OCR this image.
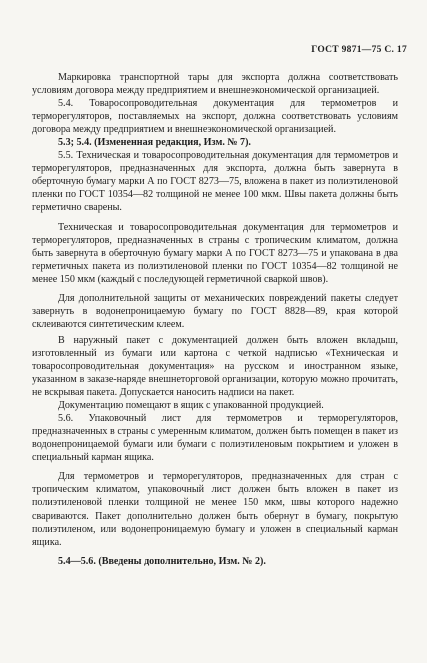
ГОСТ 9871—75 С. 17

Маркировка транспортной тары для экспорта должна соответствовать условиям договора между предприятием и внешнеэкономической организацией.

5.4. Товаросопроводительная документация для термометров и терморегуляторов, поставляемых на экспорт, должна соответствовать условиям договора между предприятием и внешнеэкономической организацией.

5.3; 5.4. (Измененная редакция, Изм. № 7).

5.5. Техническая и товаросопроводительная документация для термометров и терморегуляторов, предназначенных для экспорта, должна быть завернута в оберточную бумагу марки А по ГОСТ 8273—75, вложена в пакет из полиэтиленовой пленки по ГОСТ 10354—82 толщиной не менее 100 мкм. Швы пакета должны быть герметично сварены.

Техническая и товаросопроводительная документация для термометров и терморегуляторов, предназначенных в страны с тропическим климатом, должна быть завернута в оберточную бумагу марки А по ГОСТ 8273—75 и упакована в два герметичных пакета из полиэтиленовой пленки по ГОСТ 10354—82 толщиной не менее 150 мкм (каждый с последующей герметичной сваркой швов).

Для дополнительной защиты от механических повреждений пакеты следует завернуть в водонепроницаемую бумагу по ГОСТ 8828—89, края которой склеиваются синтетическим клеем.

В наружный пакет с документацией должен быть вложен вкладыш, изготовленный из бумаги или картона с четкой надписью «Техническая и товаросопроводительная документация» на русском и иностранном языке, указанном в заказе-наряде внешнеторговой организации, которую можно прочитать, не вскрывая пакета. Допускается наносить надписи на пакет.

Документацию помещают в ящик с упакованной продукцией.

5.6. Упаковочный лист для термометров и терморегуляторов, предназначенных в страны с умеренным климатом, должен быть помещен в пакет из водонепроницаемой бумаги или бумаги с полиэтиленовым покрытием и уложен в специальный карман ящика.

Для термометров и терморегуляторов, предназначенных для стран с тропическим климатом, упаковочный лист должен быть вложен в пакет из полиэтиленовой пленки толщиной не менее 150 мкм, швы которого надежно свариваются. Пакет дополнительно должен быть обернут в бумагу, покрытую полиэтиленом, или водонепроницаемую бумагу и уложен в специальный карман ящика.

5.4—5.6. (Введены дополнительно, Изм. № 2).
